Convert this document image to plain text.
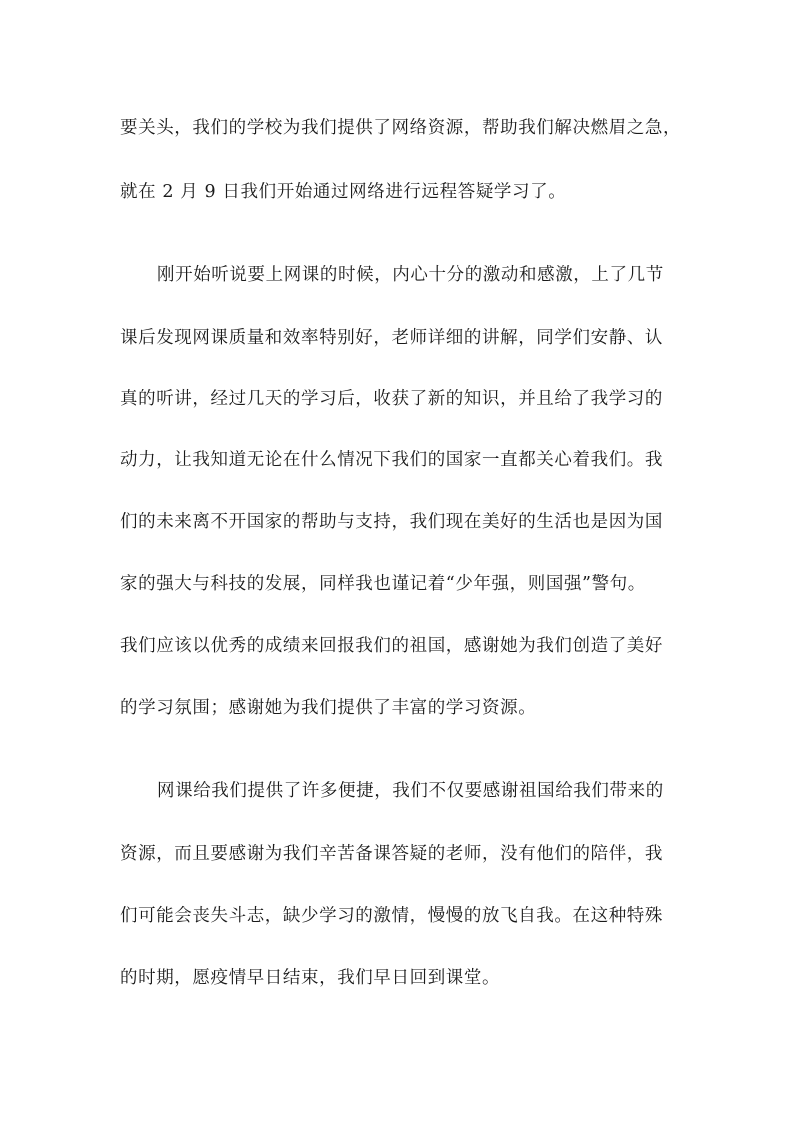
要关头，我们的学校为我们提供了网络资源，帮助我们解决燃眉之急，
就在 2 月 9 日我们开始通过网络进行远程答疑学习了。
刚开始听说要上网课的时候，内心十分的激动和感激，上了几节
课后发现网课质量和效率特别好，老师详细的讲解，同学们安静、认
真的听讲，经过几天的学习后，收获了新的知识，并且给了我学习的
动力，让我知道无论在什么情况下我们的国家一直都关心着我们。我
们的未来离不开国家的帮助与支持，我们现在美好的生活也是因为国
家的强大与科技的发展，同样我也谨记着“少年强，则国强”警句。
我们应该以优秀的成绩来回报我们的祖国，感谢她为我们创造了美好
的学习氛围；感谢她为我们提供了丰富的学习资源。
网课给我们提供了许多便捷，我们不仅要感谢祖国给我们带来的
资源，而且要感谢为我们辛苦备课答疑的老师，没有他们的陪伴，我
们可能会丧失斗志，缺少学习的激情，慢慢的放飞自我。在这种特殊
的时期，愿疫情早日结束，我们早日回到课堂。
